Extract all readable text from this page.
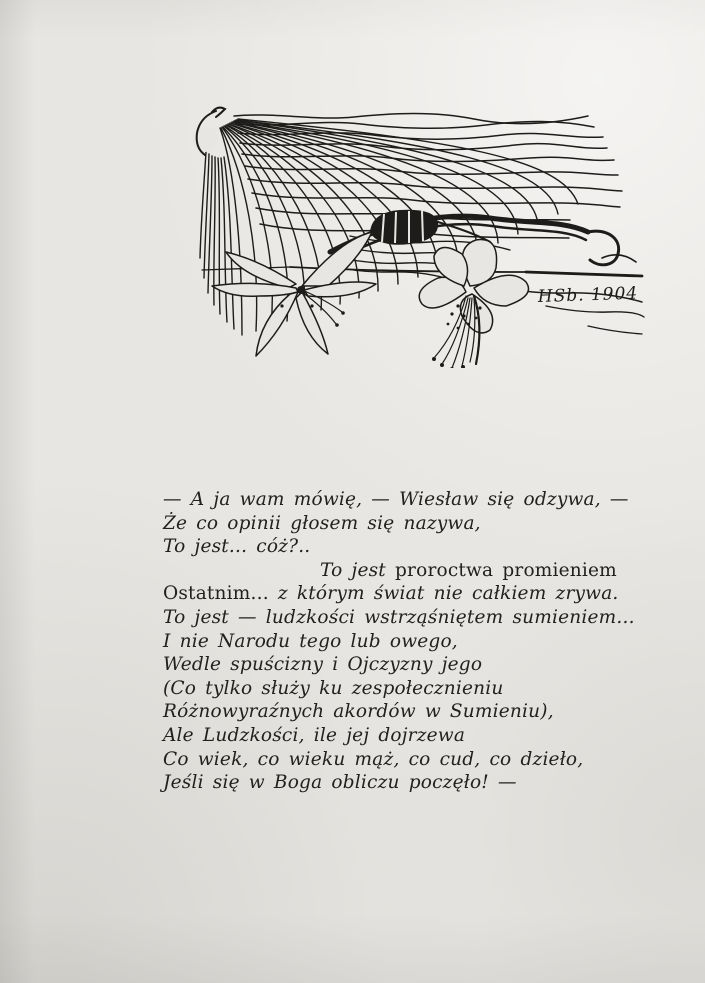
HSb. 1904
— A ja wam mówię, — Wiesław się odzywa, —
Że co opinii głosem się nazywa,
To jest... cóż?..
To jest proroctwa promieniem
Ostatnim... z którym świat nie całkiem zrywa.
To jest — ludzkości wstrząśniętem sumieniem...
I nie Narodu tego lub owego,
Wedle spuścizny i Ojczyzny jego
(Co tylko służy ku zespołecznieniu
Różnowyraźnych akordów w Sumieniu),
Ale Ludzkości, ile jej dojrzewa
Co wiek, co wieku mąż, co cud, co dzieło,
Jeśli się w Boga obliczu poczęło! —
